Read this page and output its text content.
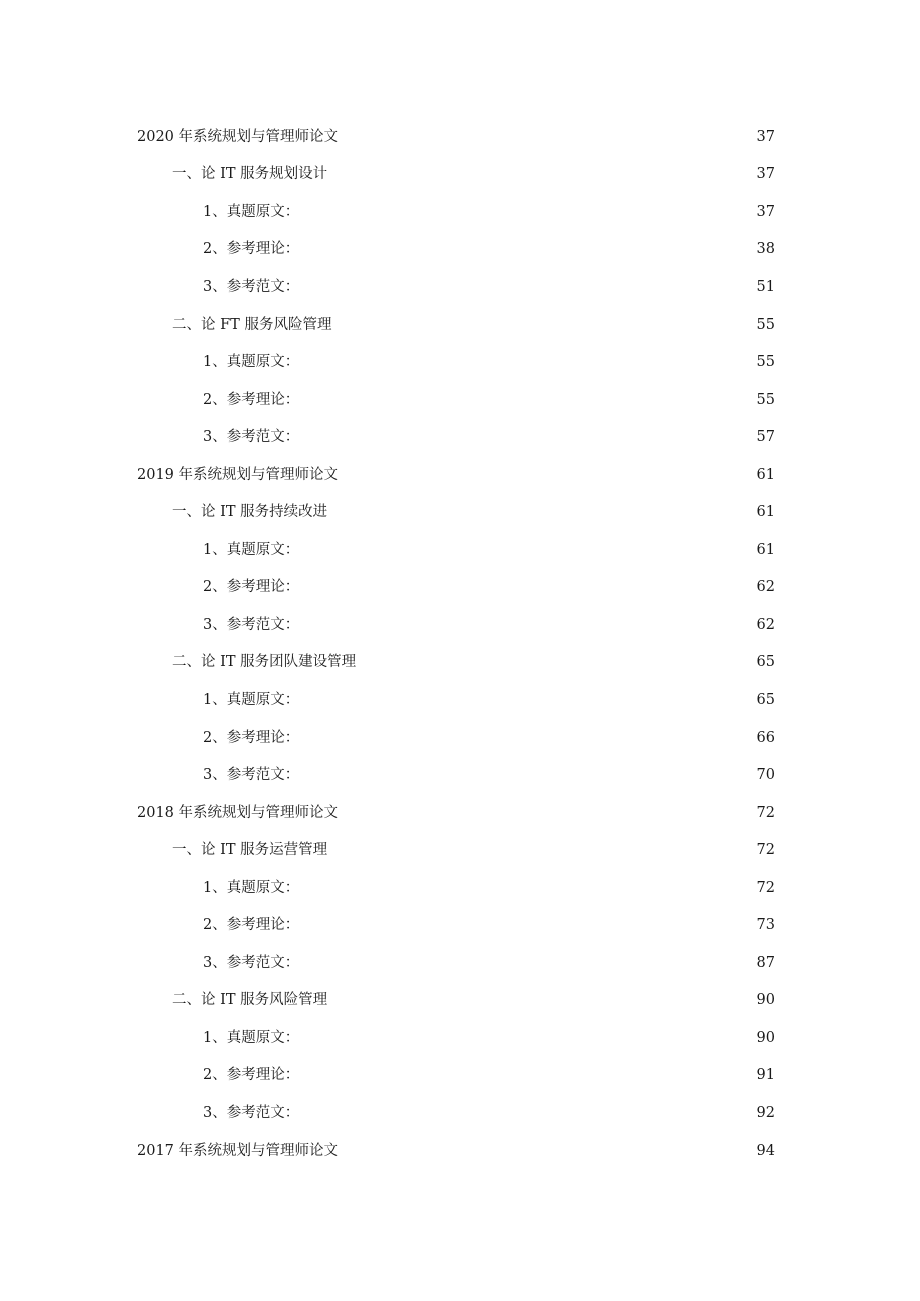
2020 年系统规划与管理师论文	37
一、论 IT 服务规划设计	37
1、真题原文：	37
2、参考理论：	38
3、参考范文：	51
二、论 FT 服务风险管理	55
1、真题原文：	55
2、参考理论：	55
3、参考范文：	57
2019 年系统规划与管理师论文	61
一、论 IT 服务持续改进	61
1、真题原文：	61
2、参考理论：	62
3、参考范文：	62
二、论 IT 服务团队建设管理	65
1、真题原文：	65
2、参考理论：	66
3、参考范文：	70
2018 年系统规划与管理师论文	72
一、论 IT 服务运营管理	72
1、真题原文：	72
2、参考理论：	73
3、参考范文：	87
二、论 IT 服务风险管理	90
1、真题原文：	90
2、参考理论：	91
3、参考范文：	92
2017 年系统规划与管理师论文	94
